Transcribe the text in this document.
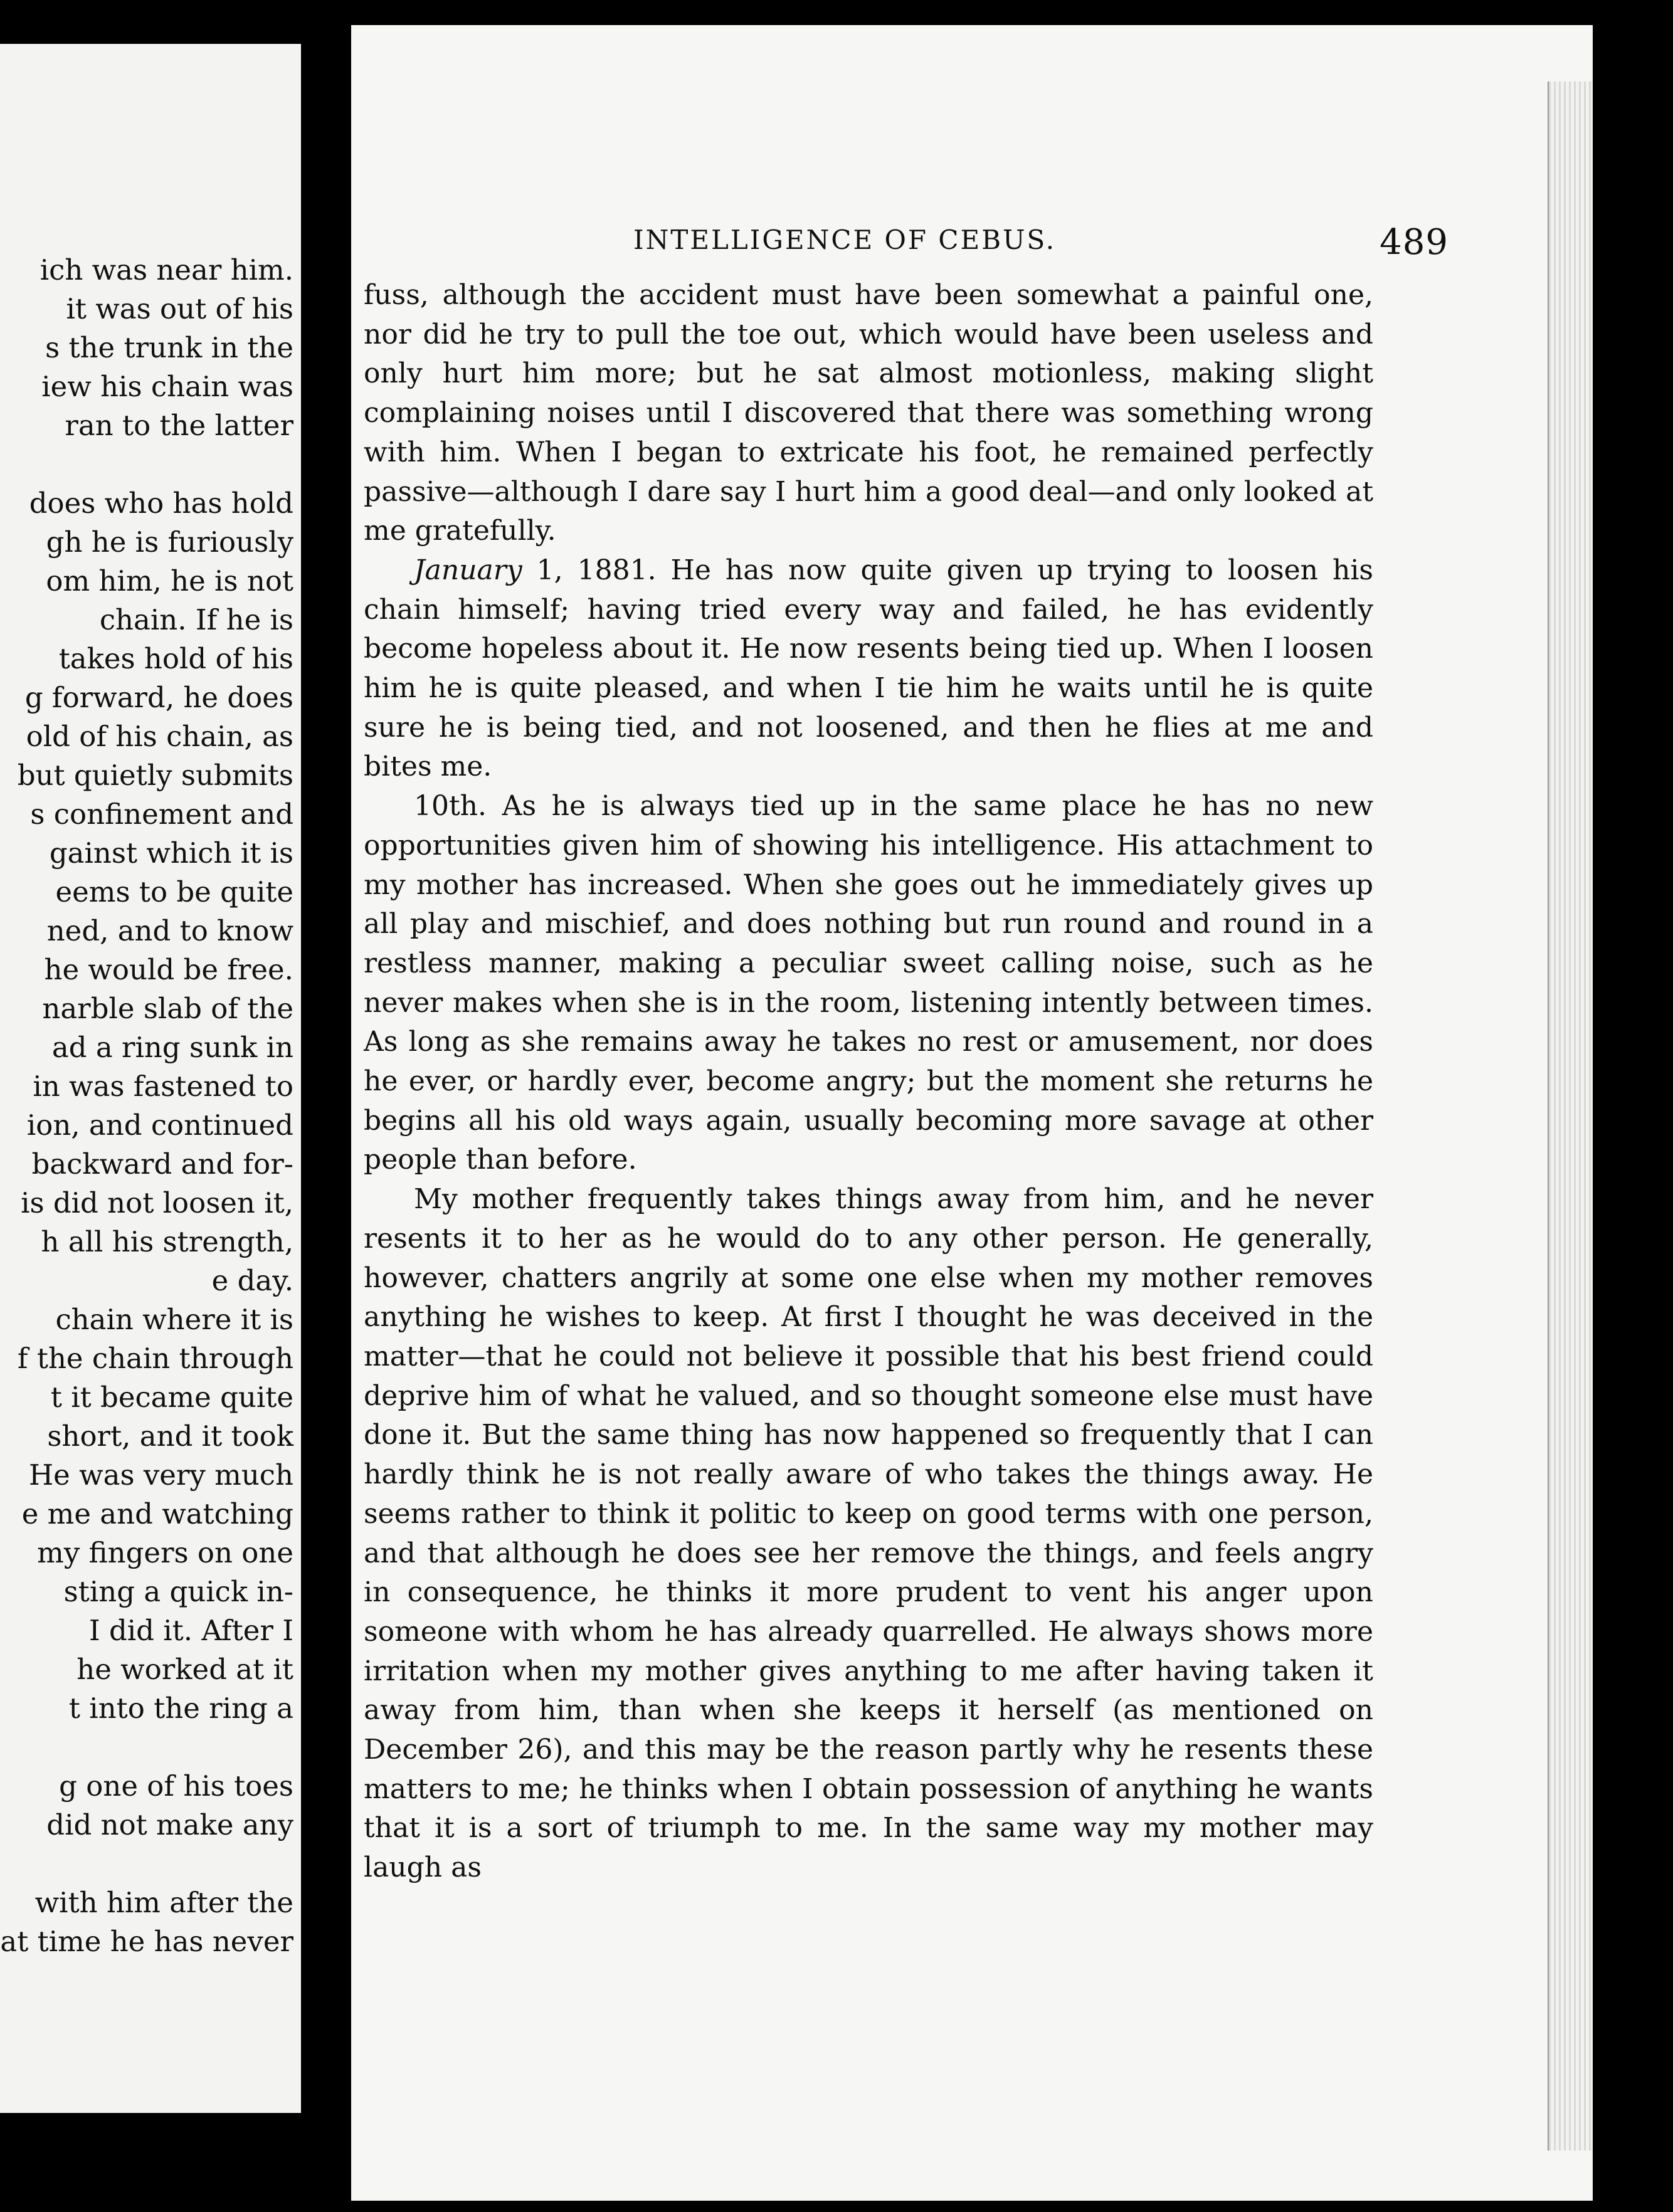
ich was near him.
it was out of his
s the trunk in the
iew his chain was
ran to the latter
does who has hold
gh he is furiously
om him, he is not
chain. If he is
takes hold of his
g forward, he does
old of his chain, as
but quietly submits
s confinement and
gainst which it is
eems to be quite
ned, and to know
he would be free.
narble slab of the
ad a ring sunk in
in was fastened to
ion, and continued
backward and for-
is did not loosen it,
h all his strength,
e day.
chain where it is
f the chain through
t it became quite
short, and it took
He was very much
e me and watching
my fingers on one
sting a quick in-
I did it. After I
he worked at it
t into the ring a
g one of his toes
did not make any
with him after the
at time he has never
INTELLIGENCE OF CEBUS.	489

fuss, although the accident must have been somewhat a painful one, nor did he try to pull the toe out, which would have been useless and only hurt him more; but he sat almost motionless, making slight complaining noises until I discovered that there was something wrong with him. When I began to extricate his foot, he remained perfectly passive—although I dare say I hurt him a good deal—and only looked at me gratefully.

January 1, 1881. He has now quite given up trying to loosen his chain himself; having tried every way and failed, he has evidently become hopeless about it. He now resents being tied up. When I loosen him he is quite pleased, and when I tie him he waits until he is quite sure he is being tied, and not loosened, and then he flies at me and bites me.

10th. As he is always tied up in the same place he has no new opportunities given him of showing his intelligence. His attachment to my mother has increased. When she goes out he immediately gives up all play and mischief, and does nothing but run round and round in a restless manner, making a peculiar sweet calling noise, such as he never makes when she is in the room, listening intently between times. As long as she remains away he takes no rest or amusement, nor does he ever, or hardly ever, become angry; but the moment she returns he begins all his old ways again, usually becoming more savage at other people than before.

My mother frequently takes things away from him, and he never resents it to her as he would do to any other person. He generally, however, chatters angrily at some one else when my mother removes anything he wishes to keep. At first I thought he was deceived in the matter—that he could not believe it possible that his best friend could deprive him of what he valued, and so thought someone else must have done it. But the same thing has now happened so frequently that I can hardly think he is not really aware of who takes the things away. He seems rather to think it politic to keep on good terms with one person, and that although he does see her remove the things, and feels angry in consequence, he thinks it more prudent to vent his anger upon someone with whom he has already quarrelled. He always shows more irritation when my mother gives anything to me after having taken it away from him, than when she keeps it herself (as mentioned on December 26), and this may be the reason partly why he resents these matters to me; he thinks when I obtain possession of anything he wants that it is a sort of triumph to me. In the same way my mother may laugh as
